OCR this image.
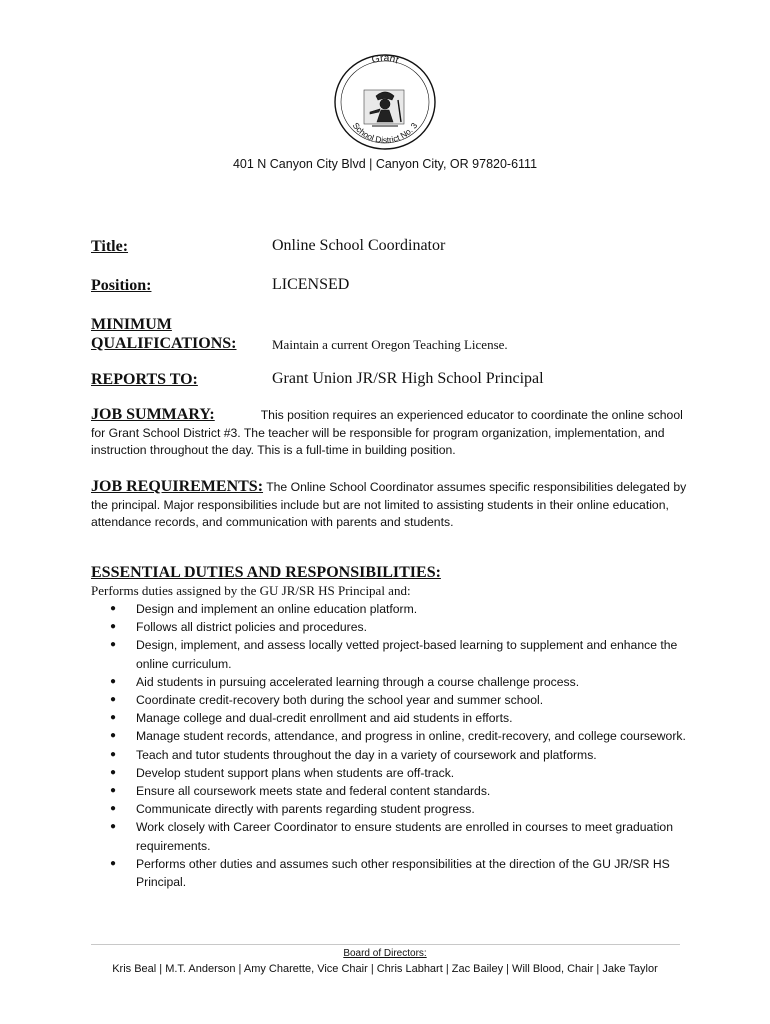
Grant
School District No. 3
401 N Canyon City Blvd | Canyon City, OR 97820-6111
Title:	Online School Coordinator
Position:	LICENSED
MINIMUM
QUALIFICATIONS:	Maintain a current Oregon Teaching License.
REPORTS TO:	Grant Union JR/SR High School Principal
JOB SUMMARY:	This position requires an experienced educator to coordinate the online school for Grant School District #3. The teacher will be responsible for program organization, implementation, and instruction throughout the day. This is a full-time in building position.
JOB REQUIREMENTS: The Online School Coordinator assumes specific responsibilities delegated by the principal. Major responsibilities include but are not limited to assisting students in their online education, attendance records, and communication with parents and students.
ESSENTIAL DUTIES AND RESPONSIBILITIES:
Performs duties assigned by the GU JR/SR HS Principal and:
● Design and implement an online education platform.
● Follows all district policies and procedures.
● Design, implement, and assess locally vetted project-based learning to supplement and enhance the online curriculum.
● Aid students in pursuing accelerated learning through a course challenge process.
● Coordinate credit-recovery both during the school year and summer school.
● Manage college and dual-credit enrollment and aid students in efforts.
● Manage student records, attendance, and progress in online, credit-recovery, and college coursework.
● Teach and tutor students throughout the day in a variety of coursework and platforms.
● Develop student support plans when students are off-track.
● Ensure all coursework meets state and federal content standards.
● Communicate directly with parents regarding student progress.
● Work closely with Career Coordinator to ensure students are enrolled in courses to meet graduation requirements.
● Performs other duties and assumes such other responsibilities at the direction of the GU JR/SR HS Principal.
Board of Directors:
Kris Beal | M.T. Anderson | Amy Charette, Vice Chair | Chris Labhart | Zac Bailey | Will Blood, Chair | Jake Taylor
